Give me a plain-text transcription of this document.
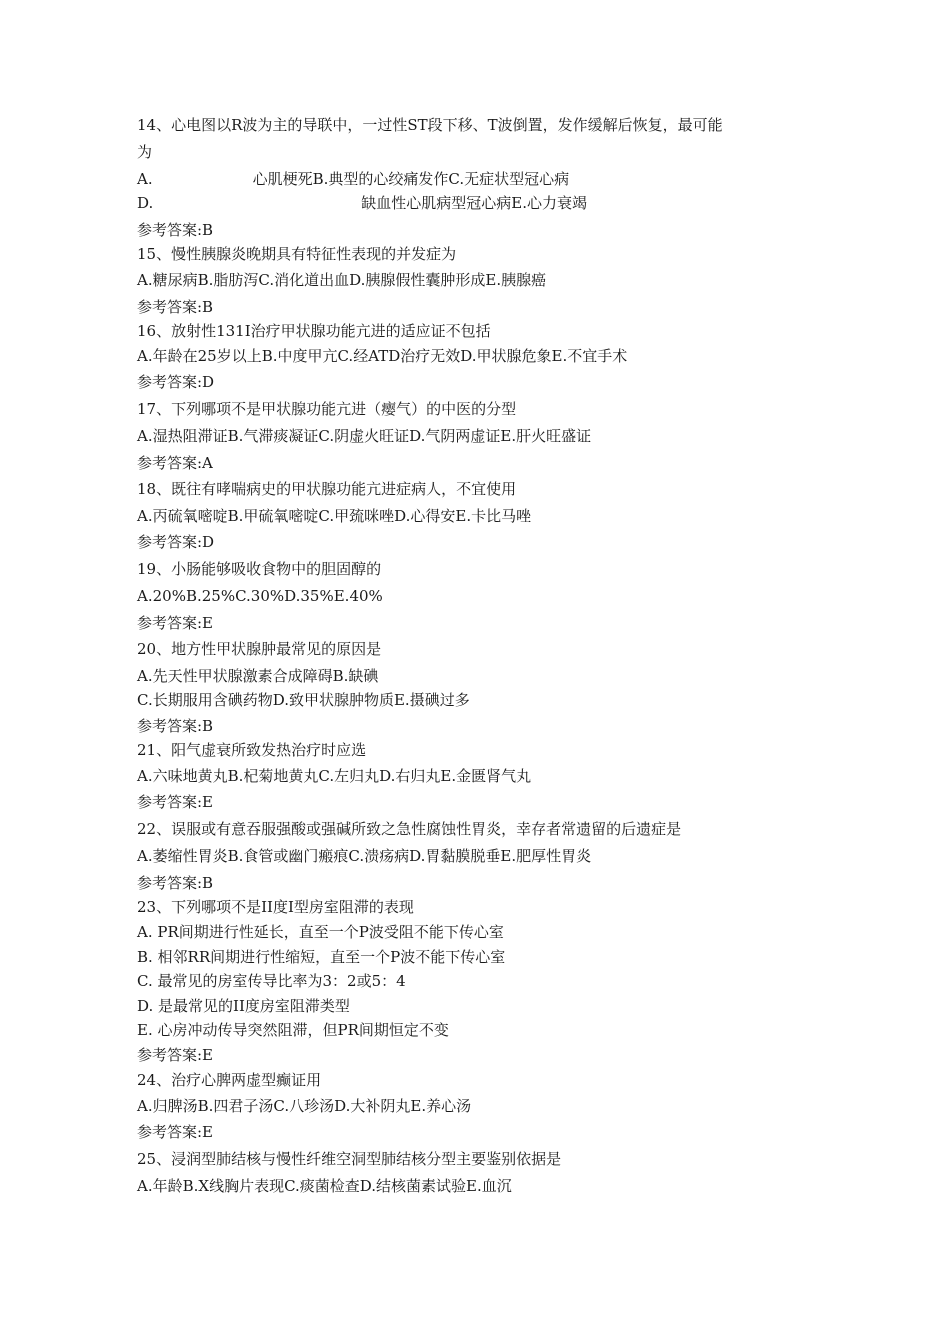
14、心电图以R波为主的导联中，一过性ST段下移、T波倒置，发作缓解后恢复，最可能
为
A.	心肌梗死B.典型的心绞痛发作C.无症状型冠心病
D.	缺血性心肌病型冠心病E.心力衰竭
参考答案:B
15、慢性胰腺炎晚期具有特征性表现的并发症为
A.糖尿病B.脂肪泻C.消化道出血D.胰腺假性囊肿形成E.胰腺癌
参考答案:B
16、放射性131I治疗甲状腺功能亢进的适应证不包括
A.年龄在25岁以上B.中度甲亢C.经ATD治疗无效D.甲状腺危象E.不宜手术
参考答案:D
17、下列哪项不是甲状腺功能亢进（瘿气）的中医的分型
A.湿热阻滞证B.气滞痰凝证C.阴虚火旺证D.气阴两虚证E.肝火旺盛证
参考答案:A
18、既往有哮喘病史的甲状腺功能亢进症病人，不宜使用
A.丙硫氧嘧啶B.甲硫氧嘧啶C.甲巯咪唑D.心得安E.卡比马唑
参考答案:D
19、小肠能够吸收食物中的胆固醇的
A.20%B.25%C.30%D.35%E.40%
参考答案:E
20、地方性甲状腺肿最常见的原因是
A.先天性甲状腺激素合成障碍B.缺碘
C.长期服用含碘药物D.致甲状腺肿物质E.摄碘过多
参考答案:B
21、阳气虚衰所致发热治疗时应选
A.六味地黄丸B.杞菊地黄丸C.左归丸D.右归丸E.金匮肾气丸
参考答案:E
22、误服或有意吞服强酸或强碱所致之急性腐蚀性胃炎，幸存者常遗留的后遗症是
A.萎缩性胃炎B.食管或幽门瘢痕C.溃疡病D.胃黏膜脱垂E.肥厚性胃炎
参考答案:B
23、下列哪项不是II度I型房室阻滞的表现
A. PR间期进行性延长，直至一个P波受阻不能下传心室
B. 相邻RR间期进行性缩短，直至一个P波不能下传心室
C. 最常见的房室传导比率为3：2或5：4
D. 是最常见的II度房室阻滞类型
E. 心房冲动传导突然阻滞，但PR间期恒定不变
参考答案:E
24、治疗心脾两虚型癫证用
A.归脾汤B.四君子汤C.八珍汤D.大补阴丸E.养心汤
参考答案:E
25、浸润型肺结核与慢性纤维空洞型肺结核分型主要鉴别依据是
A.年龄B.X线胸片表现C.痰菌检查D.结核菌素试验E.血沉
